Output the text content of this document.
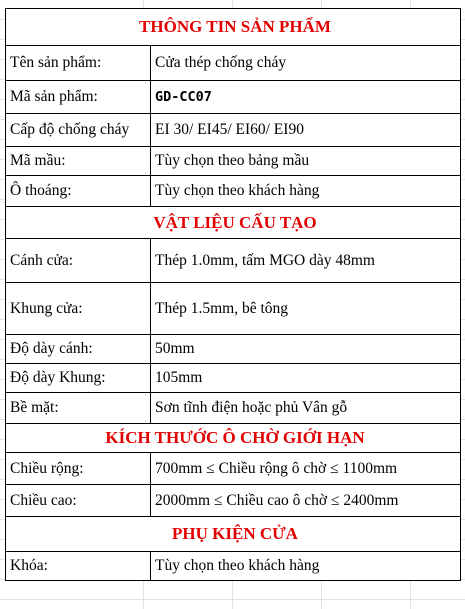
THÔNG TIN SẢN PHẨM	
Tên sản phẩm:	Cửa thép chống cháy
Mã sản phẩm:	GD-CC07
Cấp độ chống cháy	EI 30/ EI45/ EI60/ EI90
Mã mầu:	Tùy chọn theo bảng mầu
Ô thoáng:	Tùy chọn theo khách hàng
VẬT LIỆU CẤU TẠO	
Cánh cửa:	Thép 1.0mm, tấm MGO dày 48mm
Khung cửa:	Thép 1.5mm, bê tông
Độ dày cánh:	50mm
Độ dày Khung:	105mm
Bề mặt:	Sơn tĩnh điện hoặc phủ Vân gỗ
KÍCH THƯỚC Ô CHỜ GIỚI HẠN	
Chiều rộng:	700mm ≤ Chiều rộng ô chờ ≤ 1100mm
Chiều cao:	2000mm ≤ Chiều cao ô chờ ≤ 2400mm
PHỤ KIỆN CỬA	
Khóa:	Tùy chọn theo khách hàng
